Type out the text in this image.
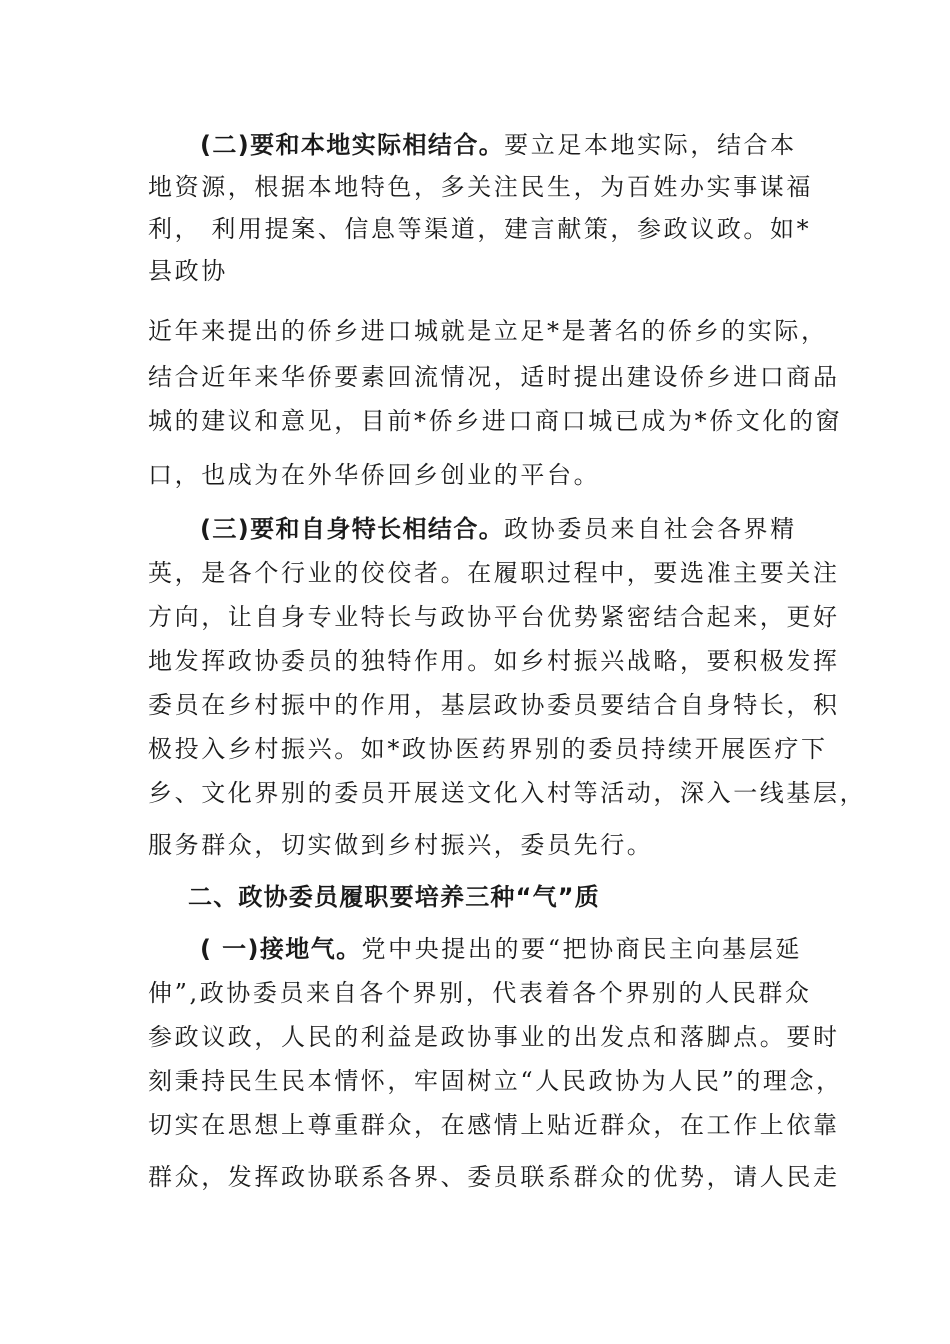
(二)要和本地实际相结合。要立足本地实际，结合本
地资源，根据本地特色，多关注民生，为百姓办实事谋福
利， 利用提案、信息等渠道，建言献策，参政议政。如*
县政协
近年来提出的侨乡进口城就是立足*是著名的侨乡的实际，
结合近年来华侨要素回流情况，适时提出建设侨乡进口商品
城的建议和意见，目前*侨乡进口商口城已成为*侨文化的窗
口，也成为在外华侨回乡创业的平台。
(三)要和自身特长相结合。政协委员来自社会各界精
英，是各个行业的佼佼者。在履职过程中，要选准主要关注
方向，让自身专业特长与政协平台优势紧密结合起来，更好
地发挥政协委员的独特作用。如乡村振兴战略，要积极发挥
委员在乡村振中的作用，基层政协委员要结合自身特长，积
极投入乡村振兴。如*政协医药界别的委员持续开展医疗下
乡、文化界别的委员开展送文化入村等活动，深入一线基层，
服务群众，切实做到乡村振兴，委员先行。
二、政协委员履职要培养三种“气”质
( 一)接地气。党中央提出的要“把协商民主向基层延
伸”,政协委员来自各个界别，代表着各个界别的人民群众
参政议政，人民的利益是政协事业的出发点和落脚点。要时
刻秉持民生民本情怀，牢固树立“人民政协为人民”的理念，
切实在思想上尊重群众，在感情上贴近群众，在工作上依靠
群众，发挥政协联系各界、委员联系群众的优势，请人民走
